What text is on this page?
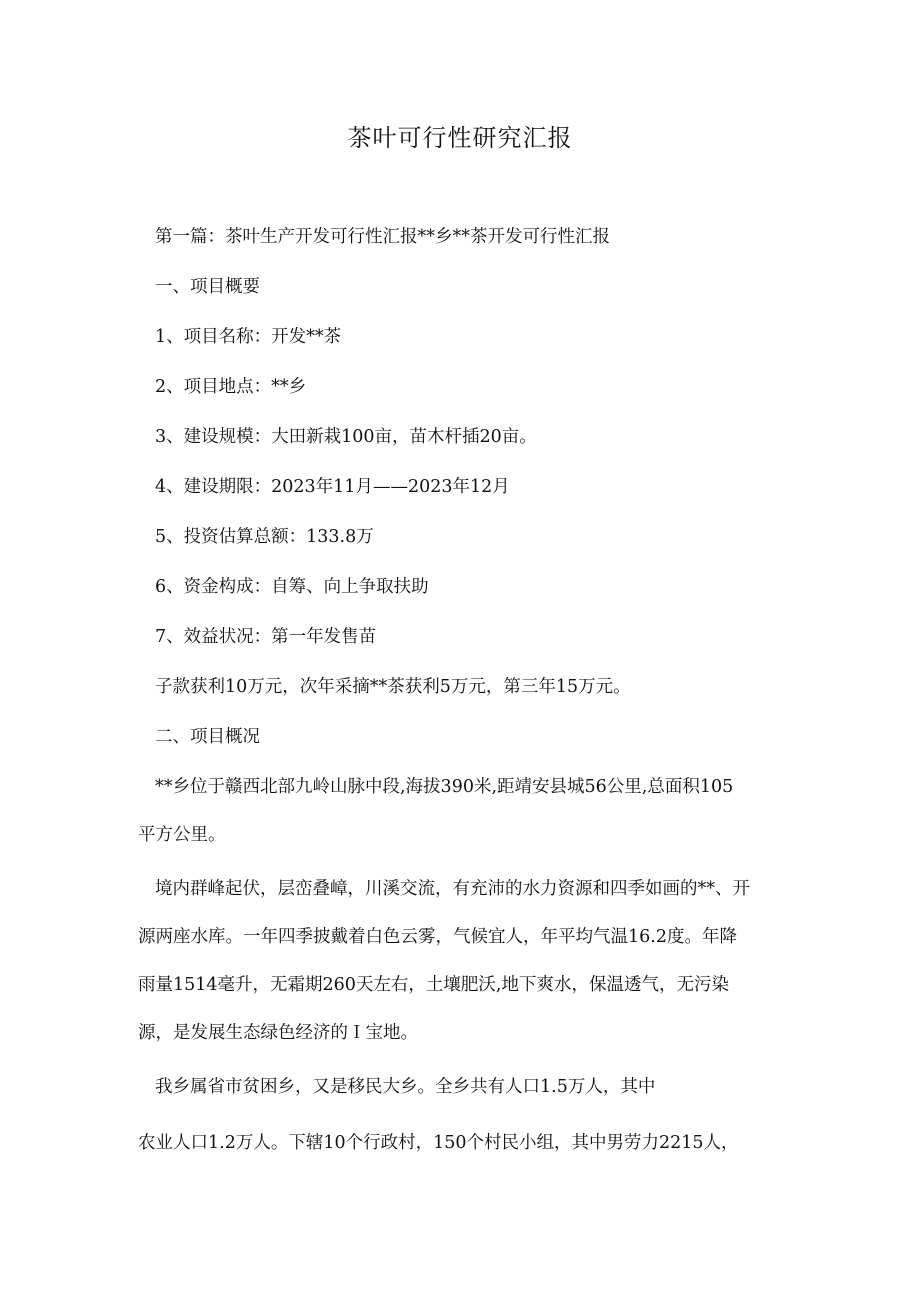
茶叶可行性研究汇报
第一篇：茶叶生产开发可行性汇报**乡**茶开发可行性汇报
一、项目概要
1、项目名称：开发**茶
2、项目地点：**乡
3、建设规模：大田新栽100亩，苗木杆插20亩。
4、建设期限：2023年11月——2023年12月
5、投资估算总额：133.8万
6、资金构成：自筹、向上争取扶助
7、效益状况：第一年发售苗
子款获利10万元，次年采摘**茶获利5万元，第三年15万元。
二、项目概况
**乡位于赣西北部九岭山脉中段,海拔390米,距靖安县城56公里,总面积105
平方公里。
境内群峰起伏，层峦叠嶂，川溪交流，有充沛的水力资源和四季如画的**、开
源两座水库。一年四季披戴着白色云雾，气候宜人，年平均气温16.2度。年降
雨量1514毫升，无霜期260天左右，土壤肥沃,地下爽水，保温透气，无污染
源，是发展生态绿色经济的Ｉ宝地。
我乡属省市贫困乡，又是移民大乡。全乡共有人口1.5万人，其中
农业人口1.2万人。下辖10个行政村，150个村民小组，其中男劳力2215人，
